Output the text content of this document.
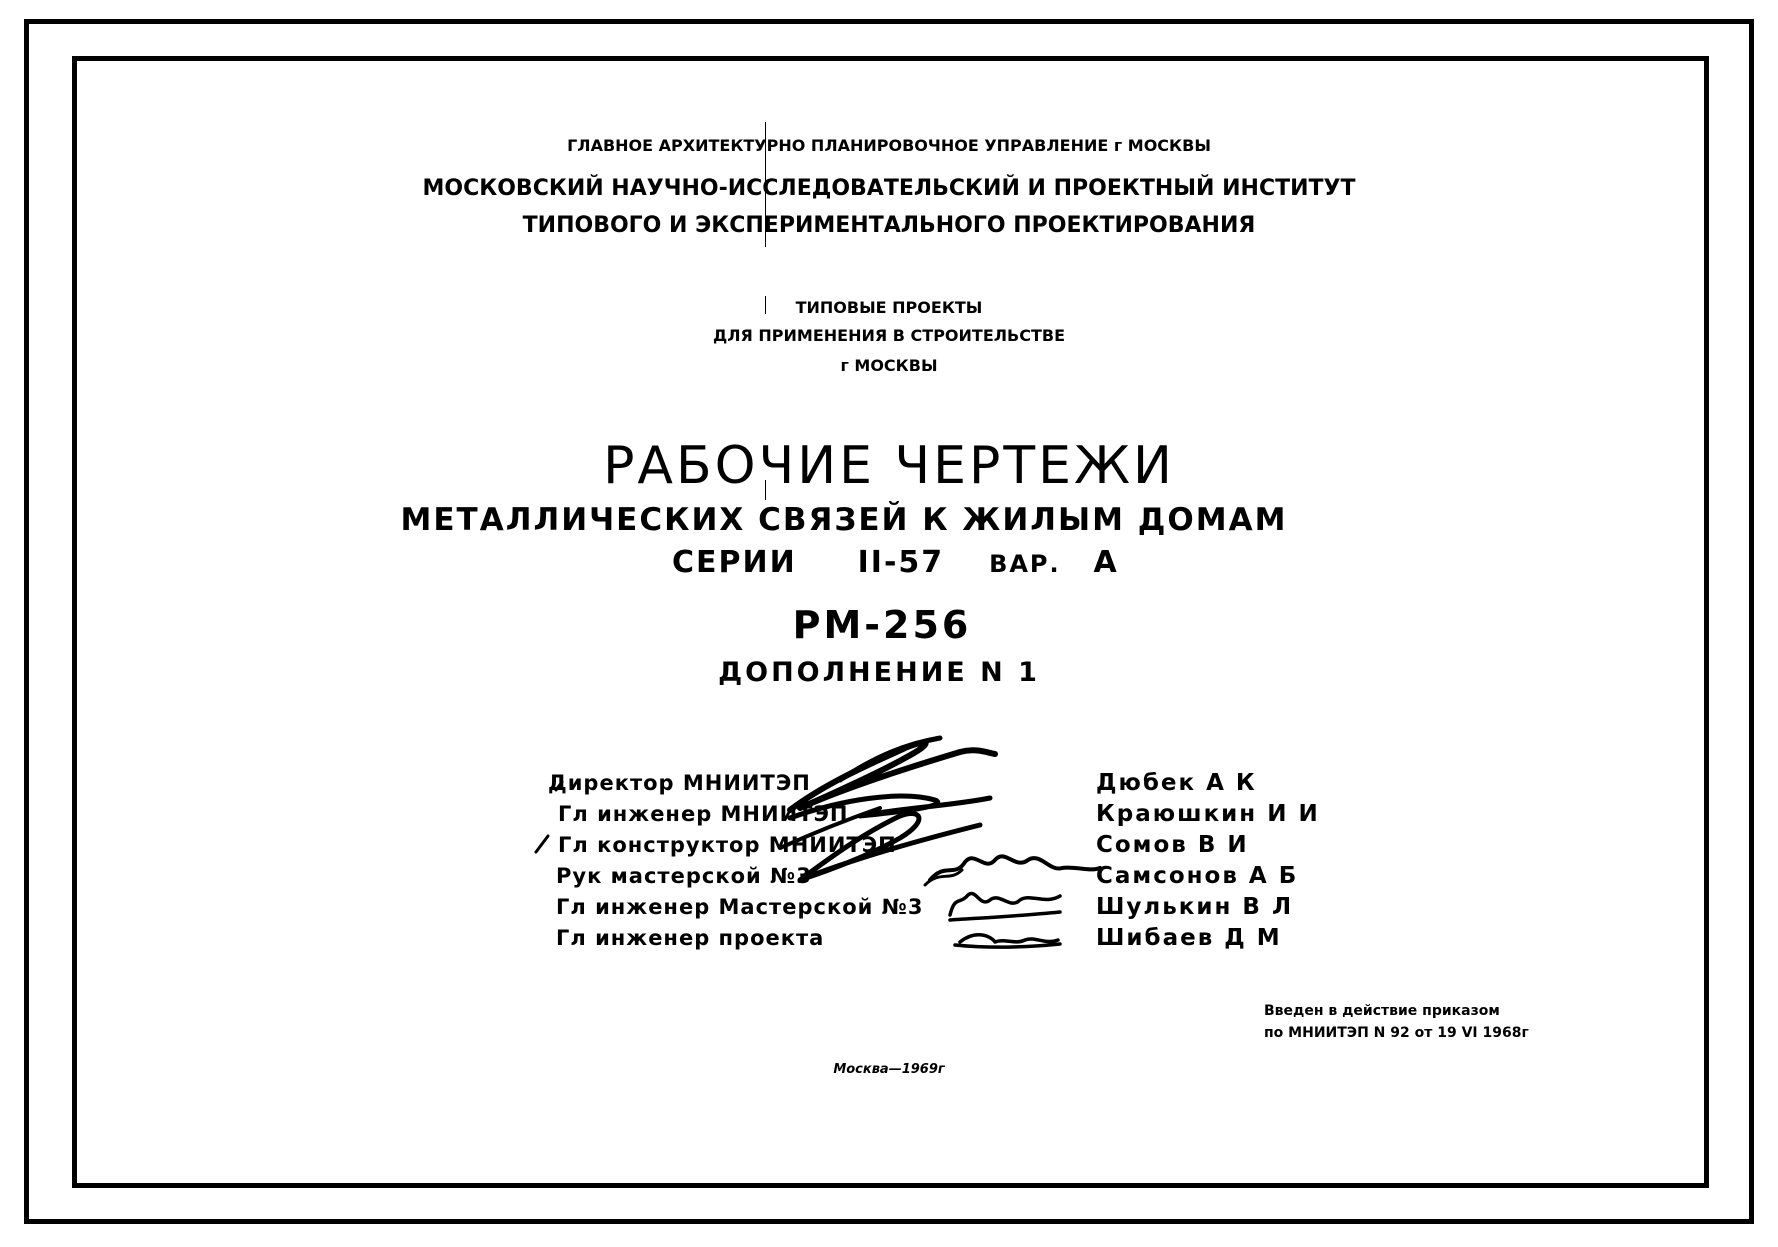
ГЛАВНОЕ АРХИТЕКТУРНО ПЛАНИРОВОЧНОЕ УПРАВЛЕНИЕ г МОСКВЫ
МОСКОВСКИЙ НАУЧНО-ИССЛЕДОВАТЕЛЬСКИЙ И ПРОЕКТНЫЙ ИНСТИТУТ
ТИПОВОГО И ЭКСПЕРИМЕНТАЛЬНОГО ПРОЕКТИРОВАНИЯ
ТИПОВЫЕ ПРОЕКТЫ
ДЛЯ ПРИМЕНЕНИЯ В СТРОИТЕЛЬСТВЕ
г МОСКВЫ
РАБОЧИЕ ЧЕРТЕЖИ
МЕТАЛЛИЧЕСКИХ СВЯЗЕЙ К ЖИЛЫМ ДОМАМ
СЕРИИ II-57 ВАР. А
РМ-256
ДОПОЛНЕНИЕ N 1
Директор МНИИТЭП
Гл инженер МНИИТЭП
Гл конструктор МНИИТЭП
Рук мастерской №3
Гл инженер Мастерской №3
Гл инженер проекта
Дюбек А К
Краюшкин И И
Сомов В И
Самсонов А Б
Шулькин В Л
Шибаев Д М
Введен в действие приказом
по МНИИТЭП N 92 от 19 VI 1968г
Москва—1969г
